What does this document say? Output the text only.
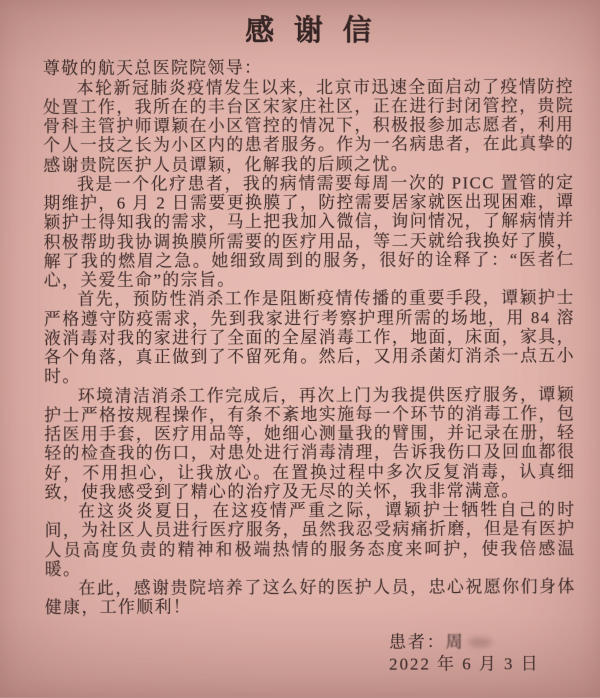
感谢信

尊敬的航天总医院院领导：

本轮新冠肺炎疫情发生以来，北京市迅速全面启动了疫情防控处置工作，我所在的丰台区宋家庄社区，正在进行封闭管控，贵院骨科主管护师谭颖在小区管控的情况下，积极报参加志愿者，利用个人一技之长为小区内的患者服务。作为一名病患者，在此真挚的感谢贵院医护人员谭颖，化解我的后顾之忧。

我是一个化疗患者，我的病情需要每周一次的 PICC 置管的定期维护，6 月 2 日需要更换膜了，防控需要居家就医出现困难，谭颖护士得知我的需求，马上把我加入微信，询问情况，了解病情并积极帮助我协调换膜所需要的医疗用品，等二天就给我换好了膜，解了我的燃眉之急。她细致周到的服务，很好的诠释了：“医者仁心，关爱生命”的宗旨。

首先，预防性消杀工作是阻断疫情传播的重要手段，谭颖护士严格遵守防疫需求，先到我家进行考察护理所需的场地，用 84 溶液消毒对我的家进行了全面的全屋消毒工作，地面，床面，家具，各个角落，真正做到了不留死角。然后，又用杀菌灯消杀一点五小时。

环境清洁消杀工作完成后，再次上门为我提供医疗服务，谭颖护士严格按规程操作，有条不紊地实施每一个环节的消毒工作，包括医用手套，医疗用品等，她细心测量我的臂围，并记录在册，轻轻的检查我的伤口，对患处进行消毒清理，告诉我伤口及回血都很好，不用担心，让我放心。在置换过程中多次反复消毒，认真细致，使我感受到了精心的治疗及无尽的关怀，我非常满意。

在这炎炎夏日，在这疫情严重之际，谭颖护士牺牲自己的时间，为社区人员进行医疗服务，虽然我忍受病痛折磨，但是有医护人员高度负责的精神和极端热情的服务态度来呵护，使我倍感温暖。

在此，感谢贵院培养了这么好的医护人员，忠心祝愿你们身体健康，工作顺利！

患者：周

2022 年 6 月 3 日
